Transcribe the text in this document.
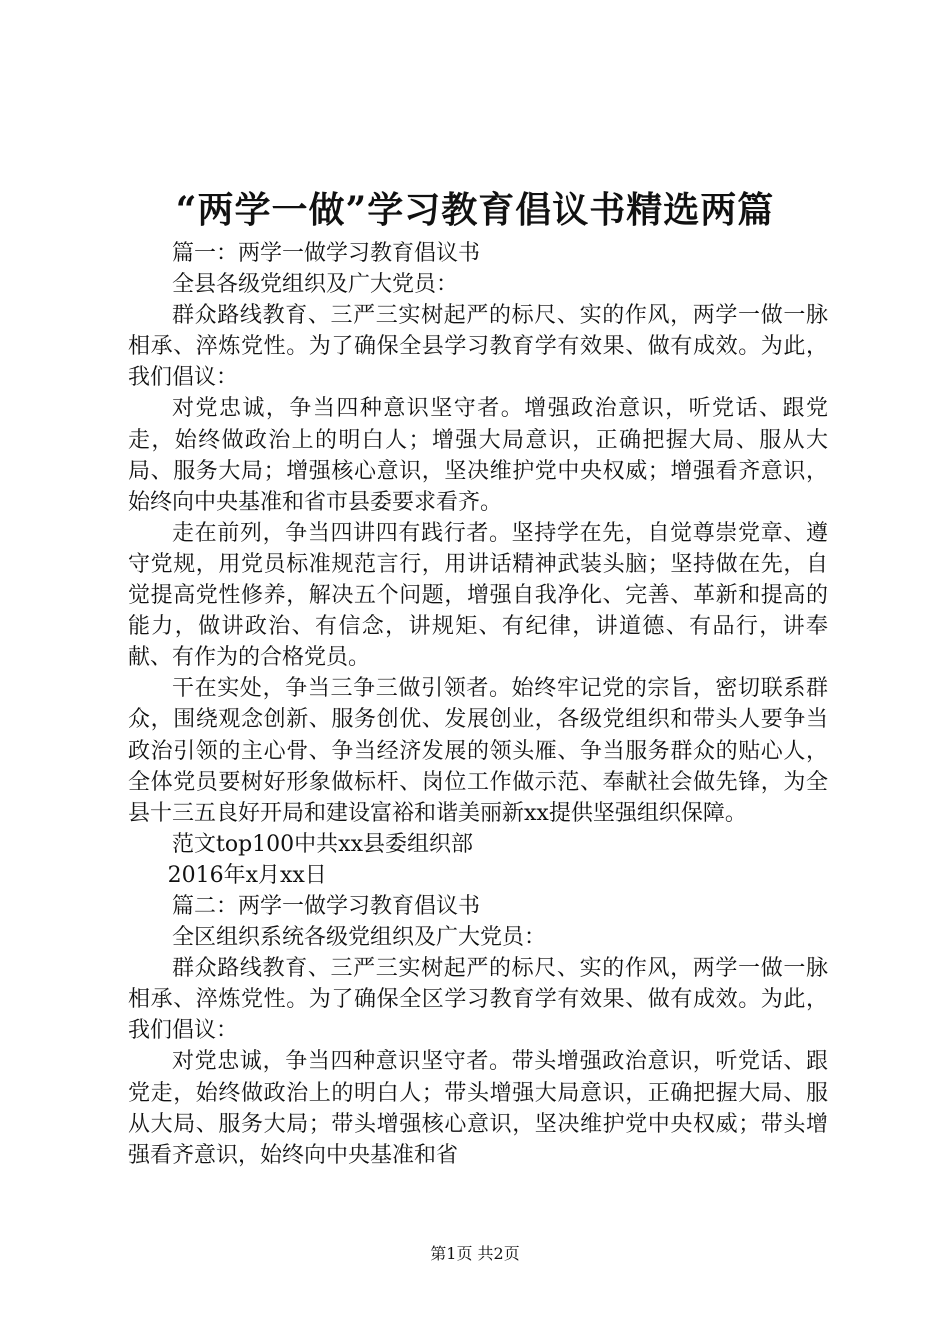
“两学一做”学习教育倡议书精选两篇

篇一：两学一做学习教育倡议书

全县各级党组织及广大党员：

群众路线教育、三严三实树起严的标尺、实的作风，两学一做一脉相承、淬炼党性。为了确保全县学习教育学有效果、做有成效。为此，我们倡议：

对党忠诚，争当四种意识坚守者。增强政治意识，听党话、跟党走，始终做政治上的明白人；增强大局意识，正确把握大局、服从大局、服务大局；增强核心意识，坚决维护党中央权威；增强看齐意识，始终向中央基准和省市县委要求看齐。

走在前列，争当四讲四有践行者。坚持学在先，自觉尊崇党章、遵守党规，用党员标准规范言行，用讲话精神武装头脑；坚持做在先，自觉提高党性修养，解决五个问题，增强自我净化、完善、革新和提高的能力，做讲政治、有信念，讲规矩、有纪律，讲道德、有品行，讲奉献、有作为的合格党员。

干在实处，争当三争三做引领者。始终牢记党的宗旨，密切联系群众，围绕观念创新、服务创优、发展创业，各级党组织和带头人要争当政治引领的主心骨、争当经济发展的领头雁、争当服务群众的贴心人，全体党员要树好形象做标杆、岗位工作做示范、奉献社会做先锋，为全县十三五良好开局和建设富裕和谐美丽新xx提供坚强组织保障。

范文top100中共xx县委组织部

2016年x月xx日

篇二：两学一做学习教育倡议书

全区组织系统各级党组织及广大党员：

群众路线教育、三严三实树起严的标尺、实的作风，两学一做一脉相承、淬炼党性。为了确保全区学习教育学有效果、做有成效。为此，我们倡议：

对党忠诚，争当四种意识坚守者。带头增强政治意识，听党话、跟党走，始终做政治上的明白人；带头增强大局意识，正确把握大局、服从大局、服务大局；带头增强核心意识，坚决维护党中央权威；带头增强看齐意识，始终向中央基准和省

第1页 共2页
